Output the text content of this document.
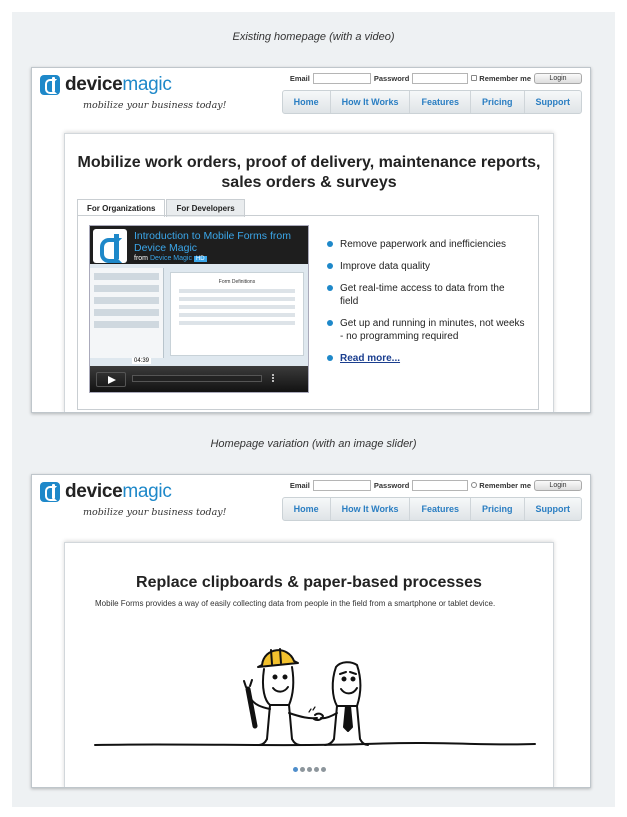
Existing homepage (with a video)
devicemagic
mobilize your business today!
Email	Password	Remember me	Login
Home	How It Works	Features	Pricing	Support
Mobilize work orders, proof of delivery, maintenance reports, sales orders & surveys
For Organizations	For Developers
Introduction to Mobile Forms from Device Magic
from Device Magic HD
Form Definitions
04:39
Remove paperwork and inefficiencies
Improve data quality
Get real-time access to data from the field
Get up and running in minutes, not weeks - no programming required
Read more...
Homepage variation (with an image slider)
devicemagic
mobilize your business today!
Email	Password	Remember me	Login
Home	How It Works	Features	Pricing	Support
Replace clipboards & paper-based processes
Mobile Forms provides a way of easily collecting data from people in the field from a smartphone or tablet device.
